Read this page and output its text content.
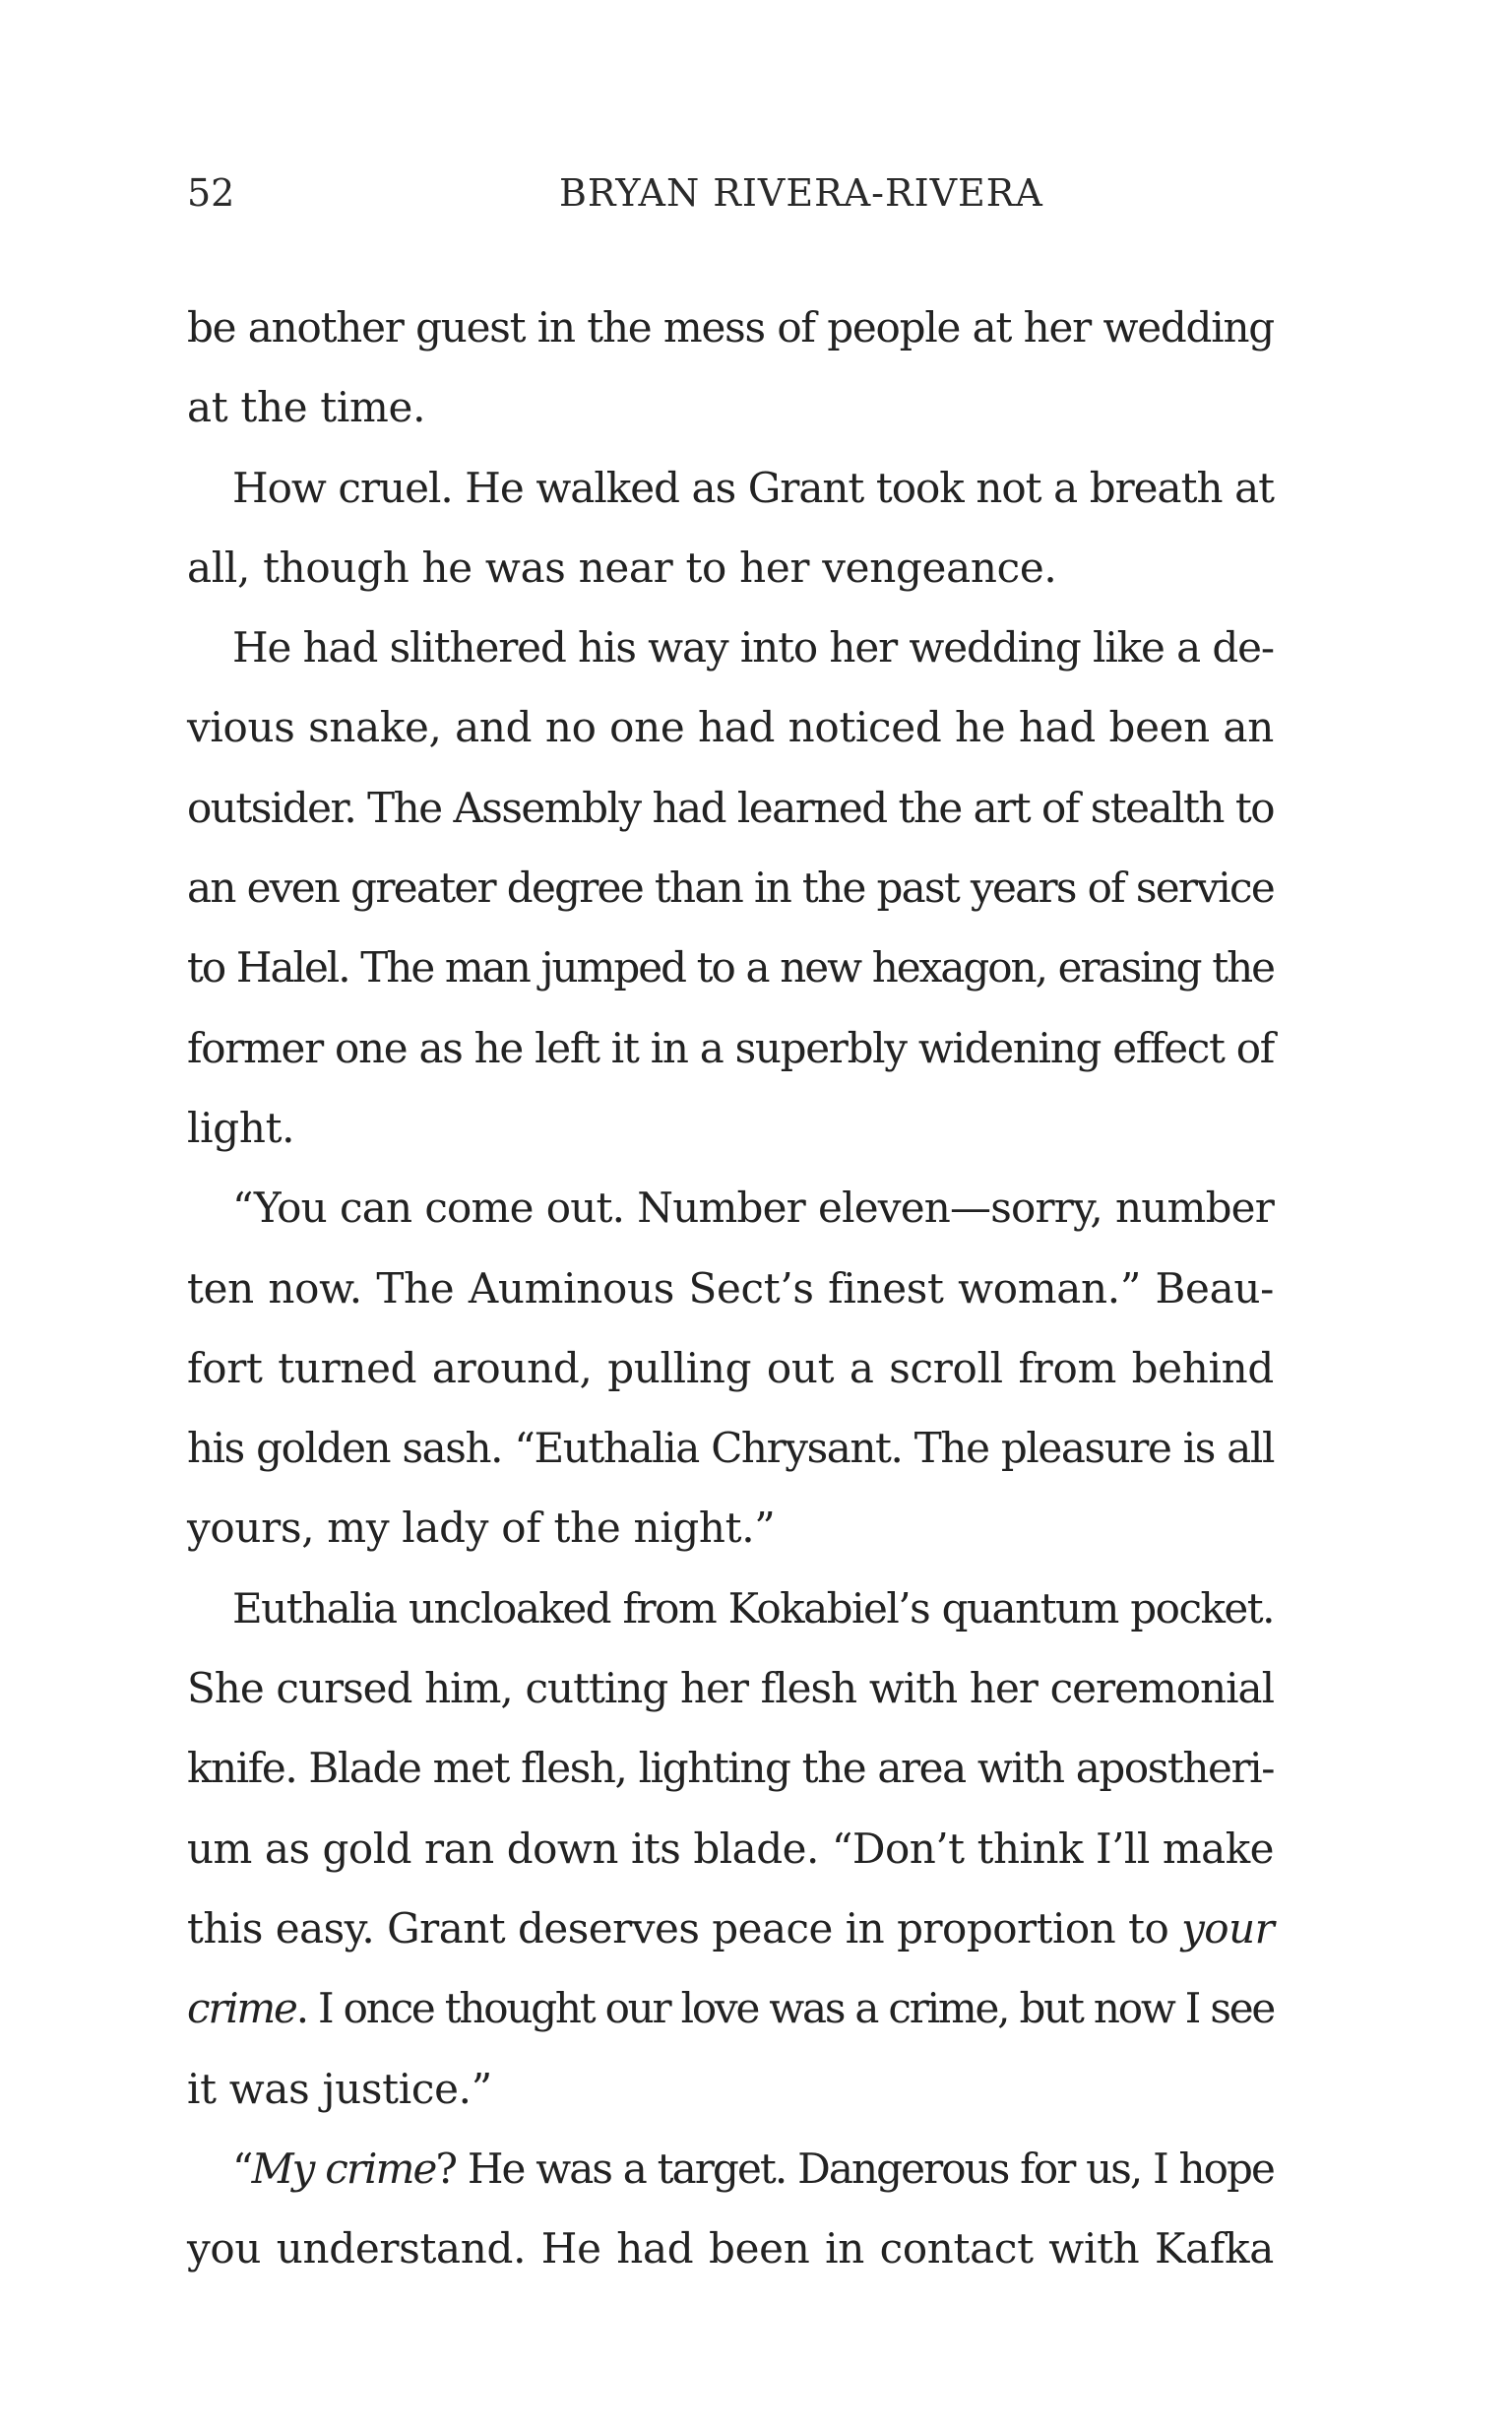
52	BRYAN RIVERA-RIVERA

be another guest in the mess of people at her wedding
at the time.

How cruel. He walked as Grant took not a breath at
all, though he was near to her vengeance.

He had slithered his way into her wedding like a de-
vious snake, and no one had noticed he had been an
outsider. The Assembly had learned the art of stealth to
an even greater degree than in the past years of service
to Halel. The man jumped to a new hexagon, erasing the
former one as he left it in a superbly widening effect of
light.

“You can come out. Number eleven—sorry, number
ten now. The Auminous Sect’s finest woman.” Beau-
fort turned around, pulling out a scroll from behind
his golden sash. “Euthalia Chrysant. The pleasure is all
yours, my lady of the night.”

Euthalia uncloaked from Kokabiel’s quantum pocket.
She cursed him, cutting her flesh with her ceremonial
knife. Blade met flesh, lighting the area with apostheri-
um as gold ran down its blade. “Don’t think I’ll make
this easy. Grant deserves peace in proportion to your
crime. I once thought our love was a crime, but now I see
it was justice.”

“My crime? He was a target. Dangerous for us, I hope
you understand. He had been in contact with Kafka
